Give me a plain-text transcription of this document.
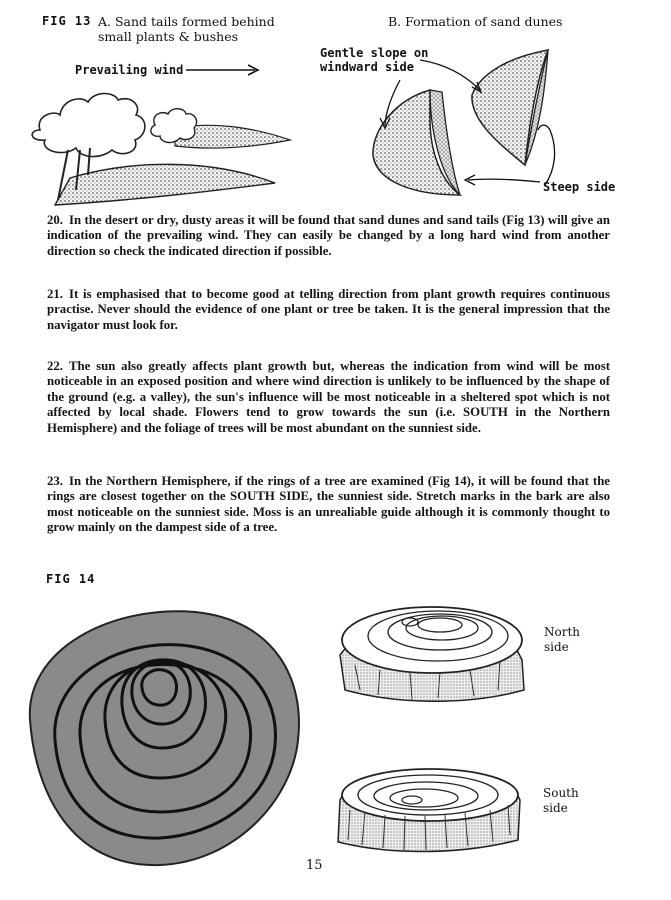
FIG 13 A. Sand tails formed behind
small plants & bushes
B. Formation of sand dunes
Prevailing wind
Gentle slope on
windward side
Steep side
20. In the desert or dry, dusty areas it will be found that sand dunes and sand tails (Fig 13) will give an indication of the prevailing wind. They can easily be changed by a long hard wind from another direction so check the indicated direction if possible.
21. It is emphasised that to become good at telling direction from plant growth requires continuous practise. Never should the evidence of one plant or tree be taken. It is the general impression that the navigator must look for.
22. The sun also greatly affects plant growth but, whereas the indication from wind will be most noticeable in an exposed position and where wind direction is unlikely to be influenced by the shape of the ground (e.g. a valley), the sun's influence will be most noticeable in a sheltered spot which is not affected by local shade. Flowers tend to grow towards the sun (i.e. SOUTH in the Northern Hemisphere) and the foliage of trees will be most abundant on the sunniest side.
23. In the Northern Hemisphere, if the rings of a tree are examined (Fig 14), it will be found that the rings are closest together on the SOUTH SIDE, the sunniest side. Stretch marks in the bark are also most noticeable on the sunniest side. Moss is an unrealiable guide although it is commonly thought to grow mainly on the dampest side of a tree.
FIG 14
North
side
South
side
15
